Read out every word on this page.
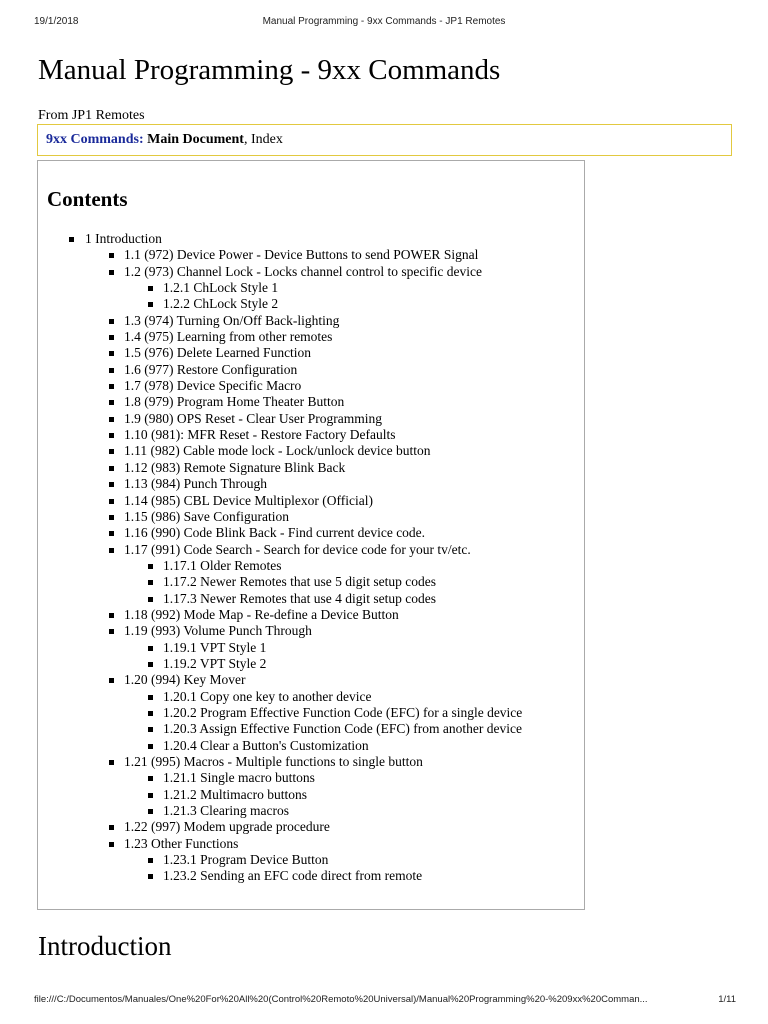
19/1/2018	Manual Programming - 9xx Commands - JP1 Remotes
Manual Programming - 9xx Commands
From JP1 Remotes
9xx Commands: Main Document, Index
Contents
1 Introduction
1.1 (972) Device Power - Device Buttons to send POWER Signal
1.2 (973) Channel Lock - Locks channel control to specific device
1.2.1 ChLock Style 1
1.2.2 ChLock Style 2
1.3 (974) Turning On/Off Back-lighting
1.4 (975) Learning from other remotes
1.5 (976) Delete Learned Function
1.6 (977) Restore Configuration
1.7 (978) Device Specific Macro
1.8 (979) Program Home Theater Button
1.9 (980) OPS Reset - Clear User Programming
1.10 (981): MFR Reset - Restore Factory Defaults
1.11 (982) Cable mode lock - Lock/unlock device button
1.12 (983) Remote Signature Blink Back
1.13 (984) Punch Through
1.14 (985) CBL Device Multiplexor (Official)
1.15 (986) Save Configuration
1.16 (990) Code Blink Back - Find current device code.
1.17 (991) Code Search - Search for device code for your tv/etc.
1.17.1 Older Remotes
1.17.2 Newer Remotes that use 5 digit setup codes
1.17.3 Newer Remotes that use 4 digit setup codes
1.18 (992) Mode Map - Re-define a Device Button
1.19 (993) Volume Punch Through
1.19.1 VPT Style 1
1.19.2 VPT Style 2
1.20 (994) Key Mover
1.20.1 Copy one key to another device
1.20.2 Program Effective Function Code (EFC) for a single device
1.20.3 Assign Effective Function Code (EFC) from another device
1.20.4 Clear a Button's Customization
1.21 (995) Macros - Multiple functions to single button
1.21.1 Single macro buttons
1.21.2 Multimacro buttons
1.21.3 Clearing macros
1.22 (997) Modem upgrade procedure
1.23 Other Functions
1.23.1 Program Device Button
1.23.2 Sending an EFC code direct from remote
Introduction
file:///C:/Documentos/Manuales/One%20For%20All%20(Control%20Remoto%20Universal)/Manual%20Programming%20-%209xx%20Comman...	1/11
